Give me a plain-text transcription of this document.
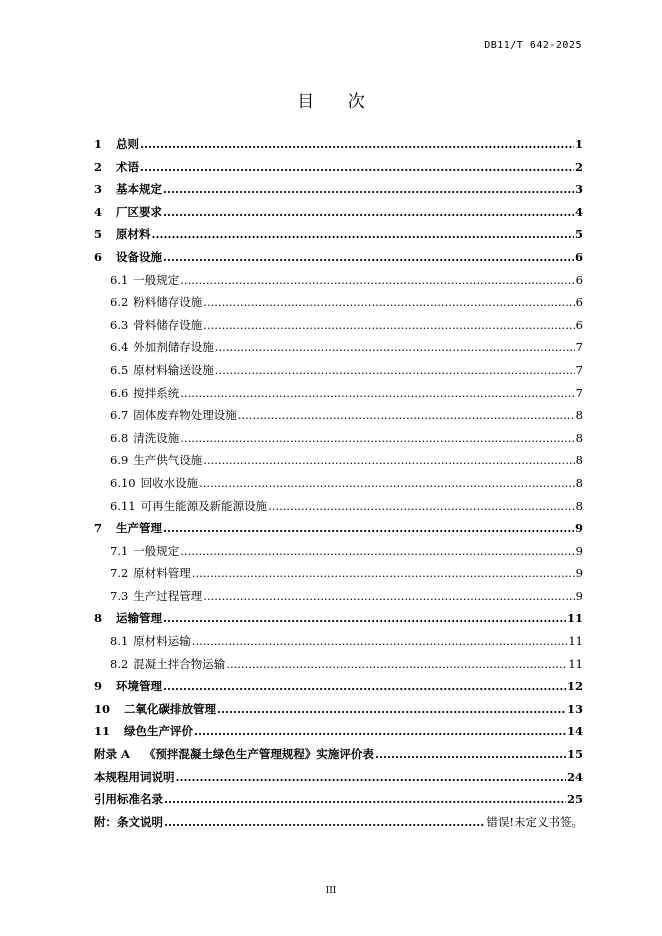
DB11/T 642-2025
目 次
1	总则 .....	1
2	术语 .....	2
3	基本规定 .....	3
4	厂区要求 .....	4
5	原材料 .....	5
6	设备设施 .....	6
6.1 一般规定 .....	6
6.2 粉料储存设施 .....	6
6.3 骨料储存设施 .....	6
6.4 外加剂储存设施 .....	7
6.5 原材料输送设施 .....	7
6.6 搅拌系统 .....	7
6.7 固体废弃物处理设施 .....	8
6.8 清洗设施 .....	8
6.9 生产供气设施 .....	8
6.10 回收水设施 .....	8
6.11 可再生能源及新能源设施 .....	8
7	生产管理 .....	9
7.1 一般规定 .....	9
7.2 原材料管理 .....	9
7.3 生产过程管理 .....	9
8	运输管理 .....	11
8.1 原材料运输 .....	11
8.2 混凝土拌合物运输 .....	11
9	环境管理 .....	12
10 二氧化碳排放管理 .....	13
11 绿色生产评价 .....	14
附录 A 《预拌混凝土绿色生产管理规程》实施评价表 .....	15
本规程用词说明 .....	24
引用标准名录 .....	25
附：条文说明 .....	错误!未定义书签。
III
